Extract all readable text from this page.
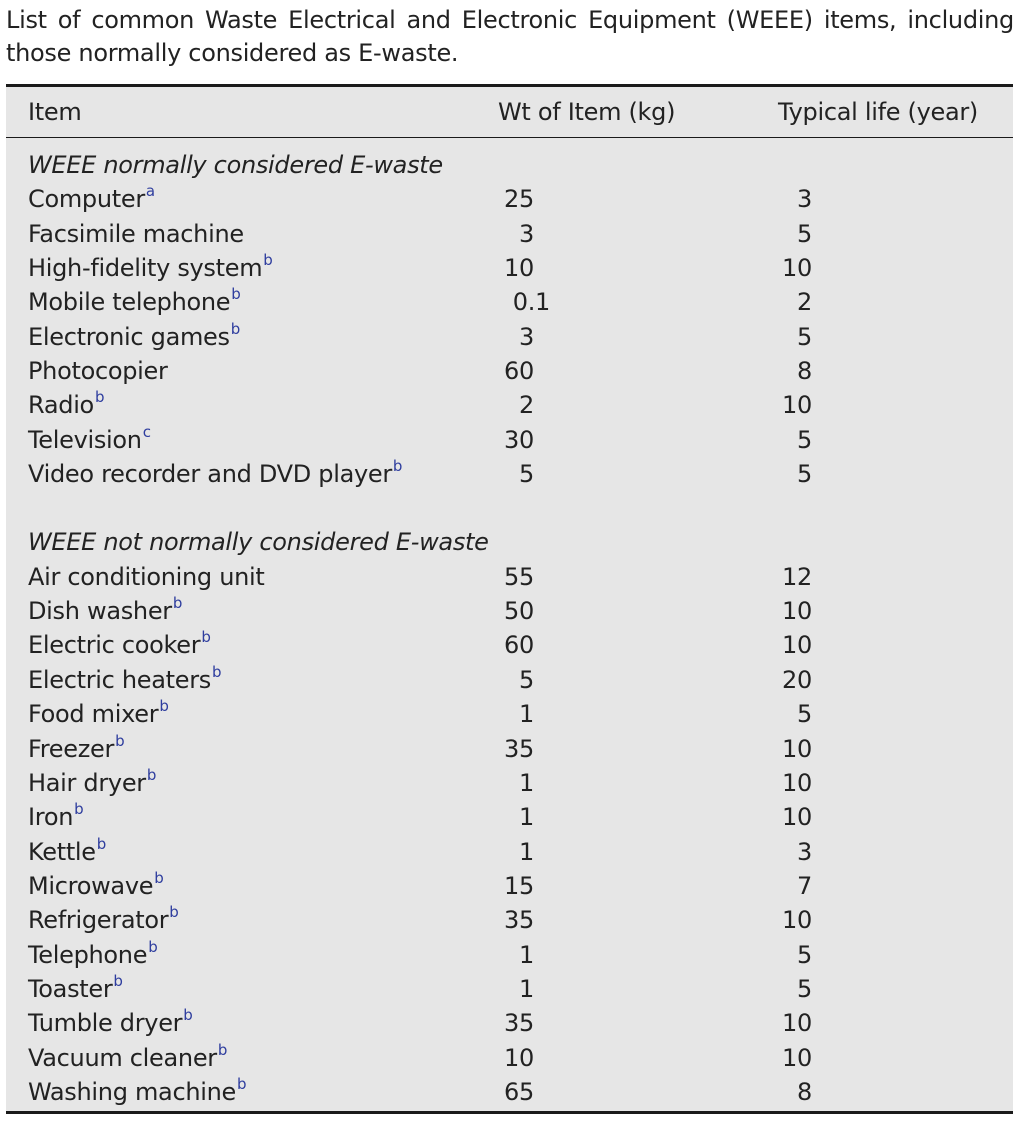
List of common Waste Electrical and Electronic Equipment (WEEE) items, including those normally considered as E-waste.
Item	Wt of Item (kg)	Typical life (year)
WEEE normally considered E-waste
Computer$^a$	25	3
Facsimile machine	3	5
High-fidelity system$^b$	10	10
Mobile telephone$^b$	0.1	2
Electronic games$^b$	3	5
Photocopier	60	8
Radio$^b$	2	10
Television$^c$	30	5
Video recorder and DVD player$^b$	5	5
WEEE not normally considered E-waste
Air conditioning unit	55	12
Dish washer$^b$	50	10
Electric cooker$^b$	60	10
Electric heaters$^b$	5	20
Food mixer$^b$	1	5
Freezer$^b$	35	10
Hair dryer$^b$	1	10
Iron$^b$	1	10
Kettle$^b$	1	3
Microwave$^b$	15	7
Refrigerator$^b$	35	10
Telephone$^b$	1	5
Toaster$^b$	1	5
Tumble dryer$^b$	35	10
Vacuum cleaner$^b$	10	10
Washing machine$^b$	65	8
